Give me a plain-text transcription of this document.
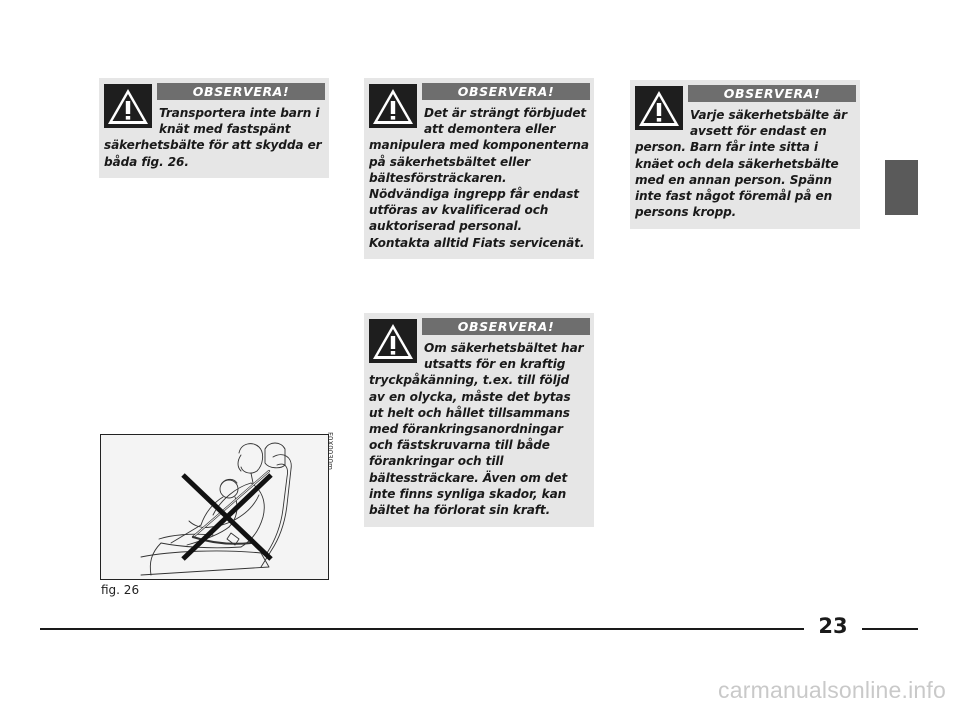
OBSERVERA!
Transportera inte barn i
knät med fastspänt
säkerhetsbälte för att skydda er
båda fig. 26.
OBSERVERA!
Det är strängt förbjudet
att demontera eller
manipulera med komponenterna
på säkerhetsbältet eller
bältesförsträckaren.
Nödvändiga ingrepp får endast
utföras av kvalificerad och
auktoriserad personal.
Kontakta alltid Fiats servicenät.
OBSERVERA!
Varje säkerhetsbälte är
avsett för endast en
person. Barn får inte sitta i
knäet och dela säkerhetsbälte
med en annan person. Spänn
inte fast något föremål på en
persons kropp.
OBSERVERA!
Om säkerhetsbältet har
utsatts för en kraftig
tryckpåkänning, t.ex. till följd
av en olycka, måste det bytas
ut helt och hållet tillsammans
med förankringsanordningar
och fästskruvarna till både
förankringar och till
bältessträckare. Även om det
inte finns synliga skador, kan
bältet ha förlorat sin kraft.
F0X0030m
fig. 26
23
carmanualsonline.info
